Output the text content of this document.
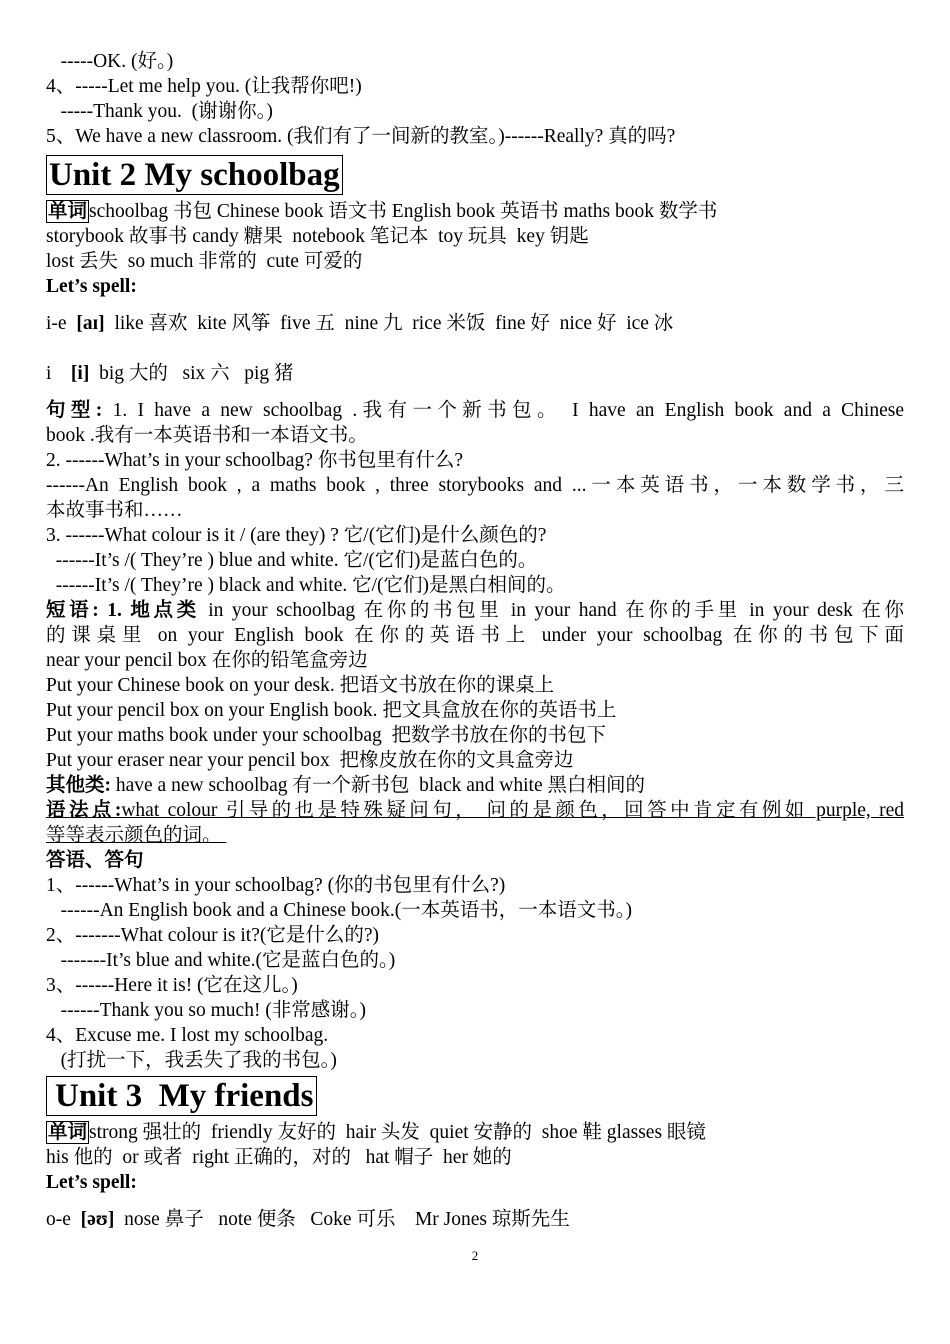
-----OK. (好。)
4、-----Let me help you. (让我帮你吧!)
-----Thank you.  (谢谢你。)
5、We have a new classroom. (我们有了一间新的教室。)------Really? 真的吗?
Unit 2 My schoolbag
单词 schoolbag 书包 Chinese book 语文书 English book 英语书 maths book 数学书
storybook 故事书 candy 糖果  notebook 笔记本  toy 玩具  key 钥匙
lost 丢失  so much 非常的  cute 可爱的
Let’s spell:
i-e  [aɪ]  like 喜欢  kite 风筝  five 五  nine 九  rice 米饭  fine 好  nice 好  ice 冰
i    [i]  big 大的   six 六   pig 猪
句型: 1. I have a new schoolbag .我有一个新书包。 I have an English book and a Chinese
book .我有一本英语书和一本语文书。
2. ------What’s in your schoolbag? 你书包里有什么?
------An English book , a maths book , three storybooks and ...一本英语书，一本数学书，三
本故事书和……
3. ------What colour is it / (are they) ? 它/(它们)是什么颜色的?
------It’s /( They’re ) blue and white. 它/(它们)是蓝白色的。
------It’s /( They’re ) black and white. 它/(它们)是黑白相间的。
短语: 1. 地点类 in your schoolbag 在你的书包里 in your hand 在你的手里 in your desk 在你
的课桌里 on your English book 在你的英语书上 under your schoolbag 在你的书包下面
near your pencil box 在你的铅笔盒旁边
Put your Chinese book on your desk. 把语文书放在你的课桌上
Put your pencil box on your English book. 把文具盒放在你的英语书上
Put your maths book under your schoolbag  把数学书放在你的书包下
Put your eraser near your pencil box  把橡皮放在你的文具盒旁边
其他类: have a new schoolbag 有一个新书包  black and white 黑白相间的
语法点:what colour 引导的也是特殊疑问句， 问的是颜色，回答中肯定有例如 purple, red
等等表示颜色的词。
答语、答句
1、------What’s in your schoolbag? (你的书包里有什么?)
------An English book and a Chinese book.(一本英语书，一本语文书。)
2、-------What colour is it?(它是什么的?)
-------It’s blue and white.(它是蓝白色的。)
3、------Here it is! (它在这儿。)
------Thank you so much! (非常感谢。)
4、Excuse me. I lost my schoolbag.
(打扰一下，我丢失了我的书包。)
Unit 3  My friends
单词 strong 强壮的  friendly 友好的  hair 头发  quiet 安静的  shoe 鞋 glasses 眼镜
his 他的  or 或者  right 正确的，对的   hat 帽子  her 她的
Let’s spell:
o-e  [əʊ]  nose 鼻子   note 便条   Coke 可乐    Mr Jones 琼斯先生
2
